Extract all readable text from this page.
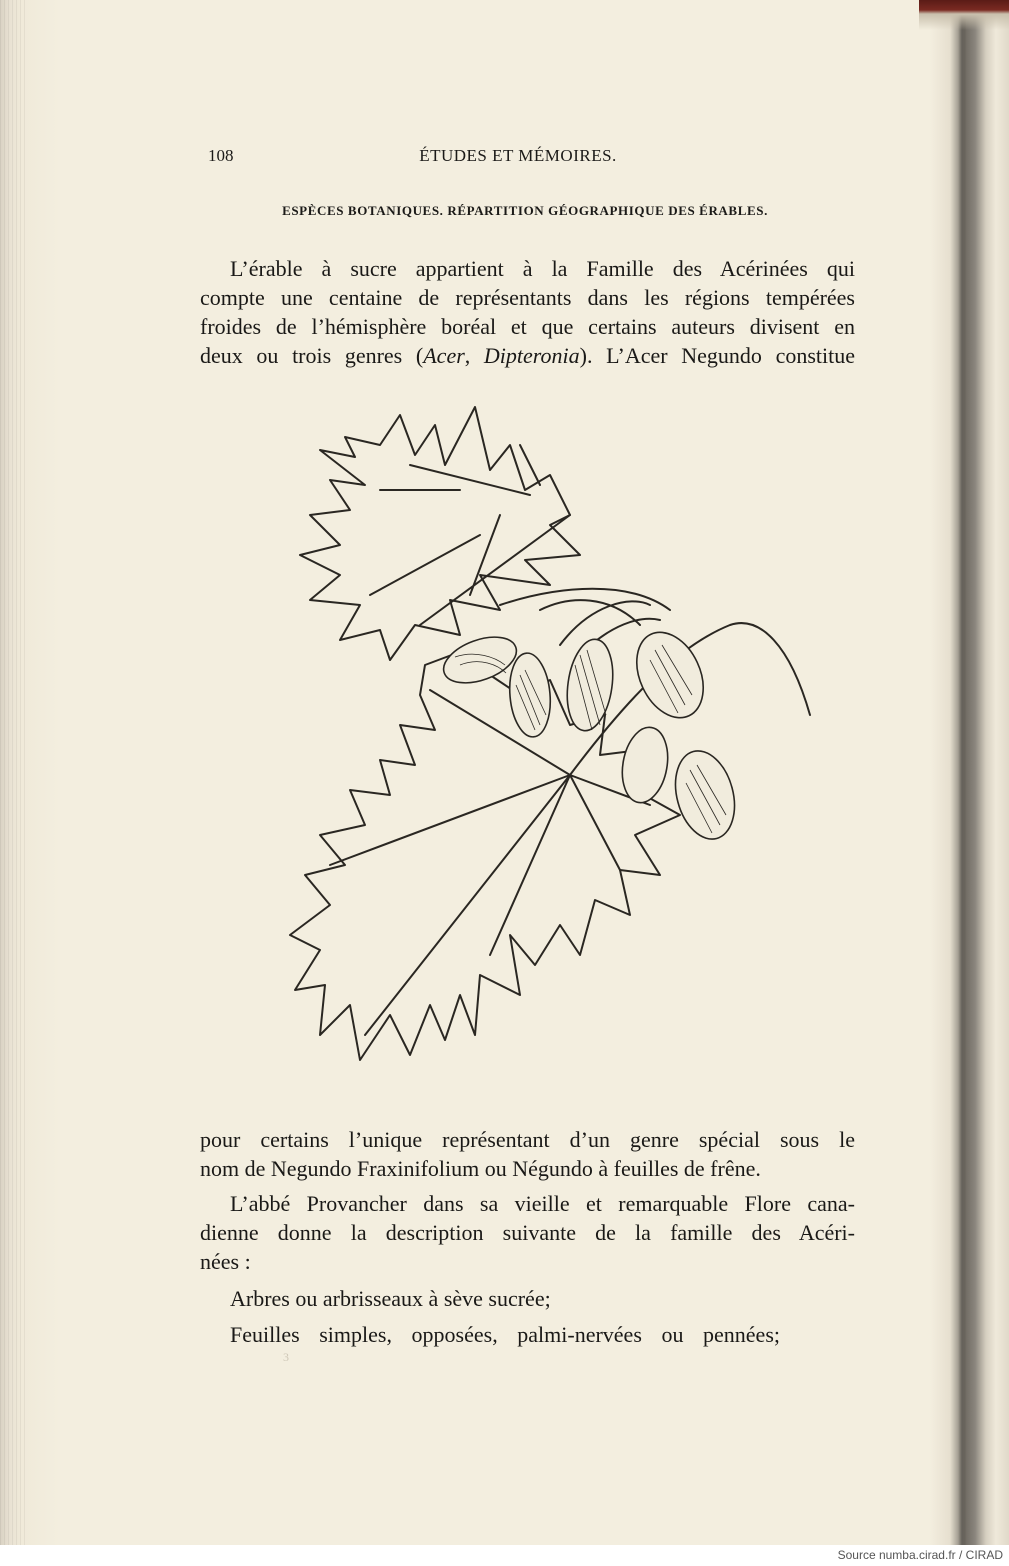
108	ÉTUDES ET MÉMOIRES.
ESPÈCES BOTANIQUES. RÉPARTITION GÉOGRAPHIQUE DES ÉRABLES.
L’érable à sucre appartient à la Famille des Acérinées qui
compte une centaine de représentants dans les régions tempérées
froides de l’hémisphère boréal et que certains auteurs divisent en
deux ou trois genres (Acer, Dipteronia). L’Acer Negundo constitue
pour certains l’unique représentant d’un genre spécial sous le
nom de Negundo Fraxinifolium ou Négundo à feuilles de frêne.
L’abbé Provancher dans sa vieille et remarquable Flore cana-
dienne donne la description suivante de la famille des Acéri-
nées :
Arbres ou arbrisseaux à sève sucrée;
Feuilles simples, opposées, palmi-nervées ou pennées;
3
Source numba.cirad.fr / CIRAD
